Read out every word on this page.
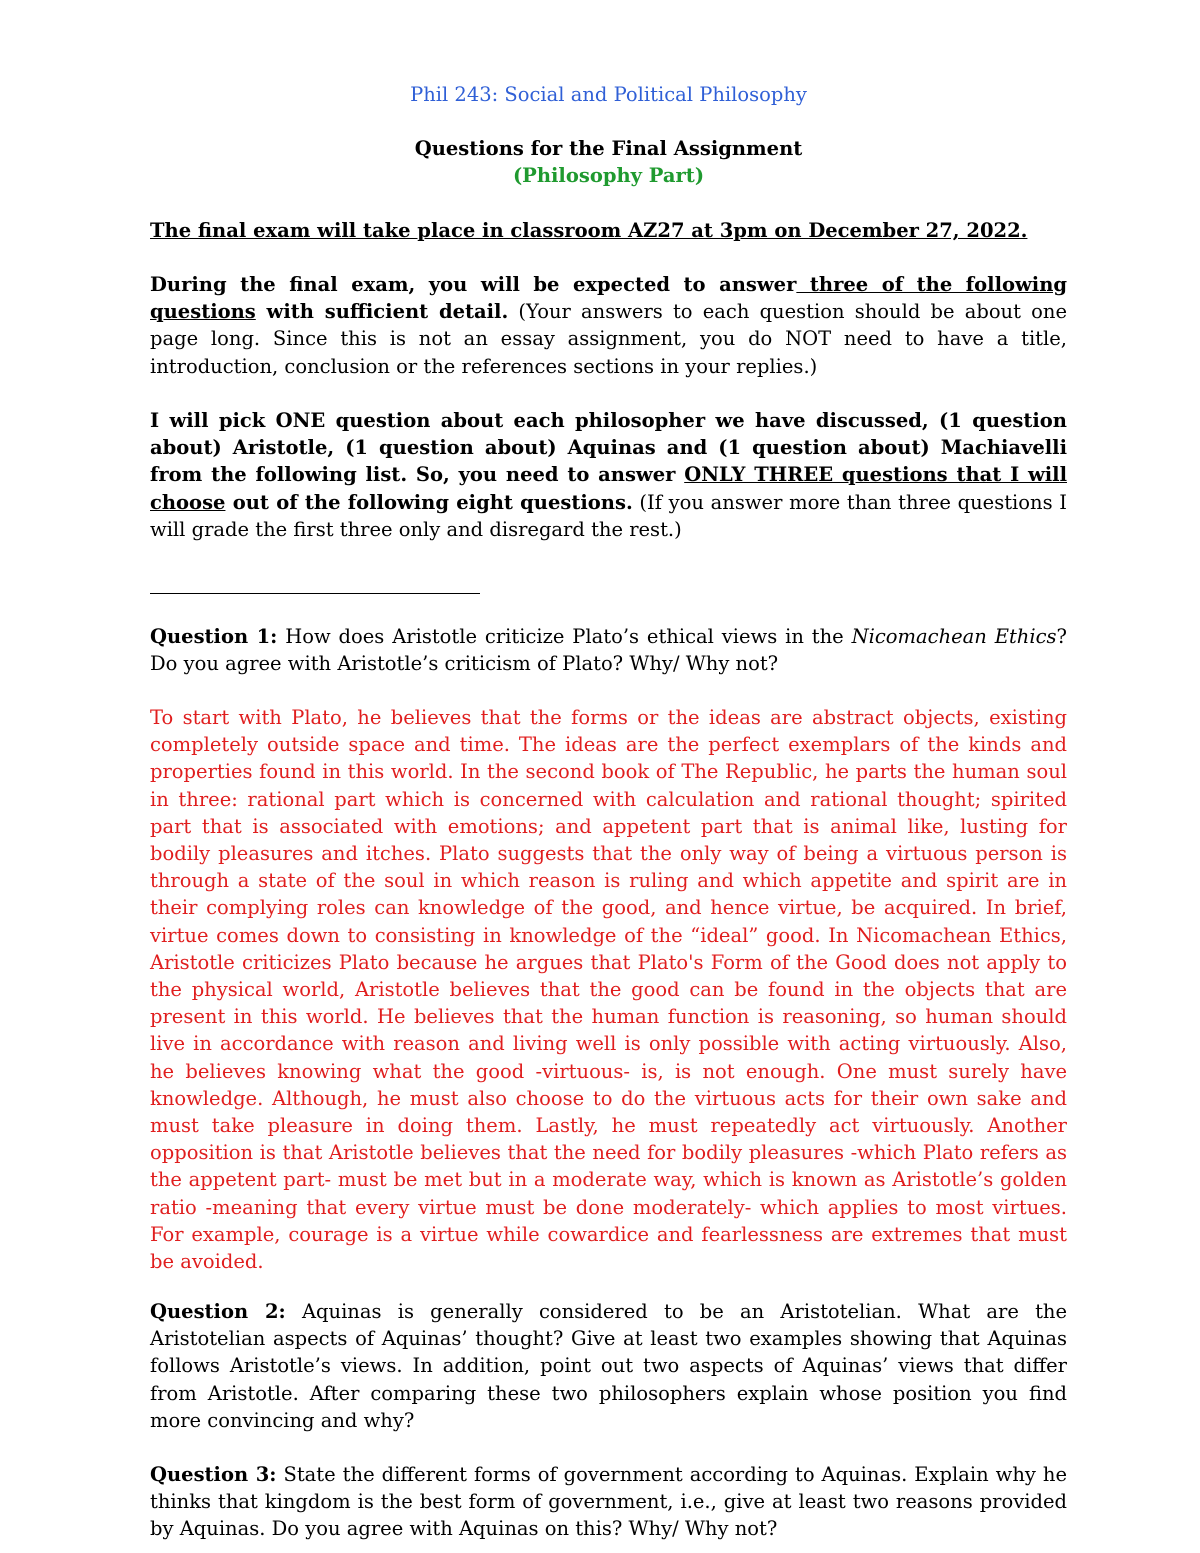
Phil 243: Social and Political Philosophy

Questions for the Final Assignment

(Philosophy Part)

The final exam will take place in classroom AZ27 at 3pm on December 27, 2022.

During the final exam, you will be expected to answer three of the following questions with sufficient detail. (Your answers to each question should be about one page long. Since this is not an essay assignment, you do NOT need to have a title, introduction, conclusion or the references sections in your replies.)

I will pick ONE question about each philosopher we have discussed, (1 question about) Aristotle, (1 question about) Aquinas and (1 question about) Machiavelli from the following list. So, you need to answer ONLY THREE questions that I will choose out of the following eight questions. (If you answer more than three questions I will grade the first three only and disregard the rest.)

Question 1: How does Aristotle criticize Plato’s ethical views in the Nicomachean Ethics? Do you agree with Aristotle’s criticism of Plato? Why/ Why not?

To start with Plato, he believes that the forms or the ideas are abstract objects, existing completely outside space and time. The ideas are the perfect exemplars of the kinds and properties found in this world. In the second book of The Republic, he parts the human soul in three: rational part which is concerned with calculation and rational thought; spirited part that is associated with emotions; and appetent part that is animal like, lusting for bodily pleasures and itches. Plato suggests that the only way of being a virtuous person is through a state of the soul in which reason is ruling and which appetite and spirit are in their complying roles can knowledge of the good, and hence virtue, be acquired. In brief, virtue comes down to consisting in knowledge of the “ideal” good. In Nicomachean Ethics, Aristotle criticizes Plato because he argues that Plato's Form of the Good does not apply to the physical world, Aristotle believes that the good can be found in the objects that are present in this world. He believes that the human function is reasoning, so human should live in accordance with reason and living well is only possible with acting virtuously. Also, he believes knowing what the good -virtuous- is, is not enough. One must surely have knowledge. Although, he must also choose to do the virtuous acts for their own sake and must take pleasure in doing them. Lastly, he must repeatedly act virtuously. Another opposition is that Aristotle believes that the need for bodily pleasures -which Plato refers as the appetent part- must be met but in a moderate way, which is known as Aristotle’s golden ratio -meaning that every virtue must be done moderately- which applies to most virtues. For example, courage is a virtue while cowardice and fearlessness are extremes that must be avoided.

Question 2: Aquinas is generally considered to be an Aristotelian. What are the Aristotelian aspects of Aquinas’ thought? Give at least two examples showing that Aquinas follows Aristotle’s views. In addition, point out two aspects of Aquinas’ views that differ from Aristotle. After comparing these two philosophers explain whose position you find more convincing and why?

Question 3: State the different forms of government according to Aquinas. Explain why he thinks that kingdom is the best form of government, i.e., give at least two reasons provided by Aquinas. Do you agree with Aquinas on this? Why/ Why not?
